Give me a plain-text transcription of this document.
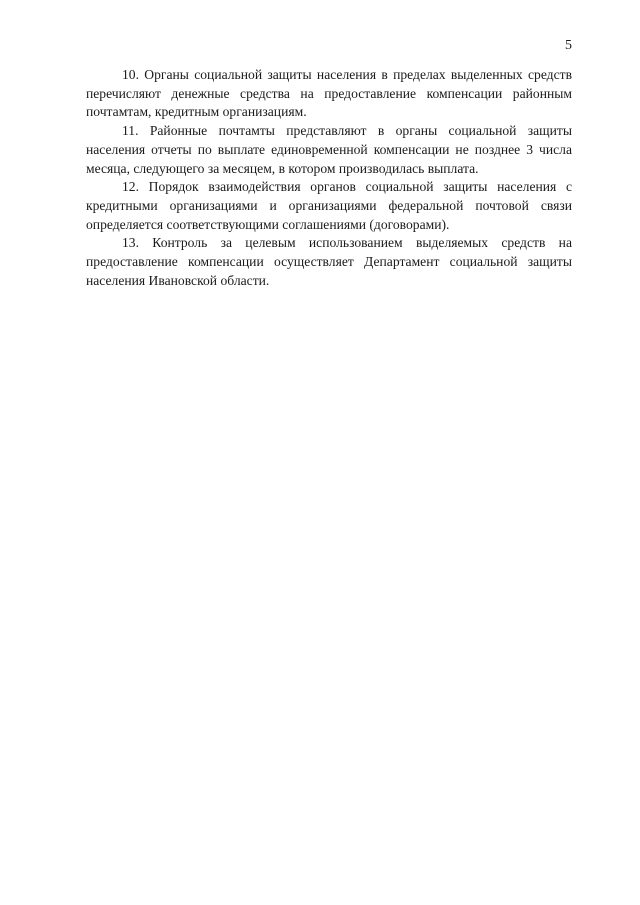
5

10. Органы социальной защиты населения в пределах выделенных средств перечисляют денежные средства на предоставление компенсации районным почтамтам, кредитным организациям.

11. Районные почтамты представляют в органы социальной защиты населения отчеты по выплате единовременной компенсации не позднее 3 числа месяца, следующего за месяцем, в котором производилась выплата.

12. Порядок взаимодействия органов социальной защиты населения с кредитными организациями и организациями федеральной почтовой связи определяется соответствующими соглашениями (договорами).

13. Контроль за целевым использованием выделяемых средств на предоставление компенсации осуществляет Департамент социальной защиты населения Ивановской области.
